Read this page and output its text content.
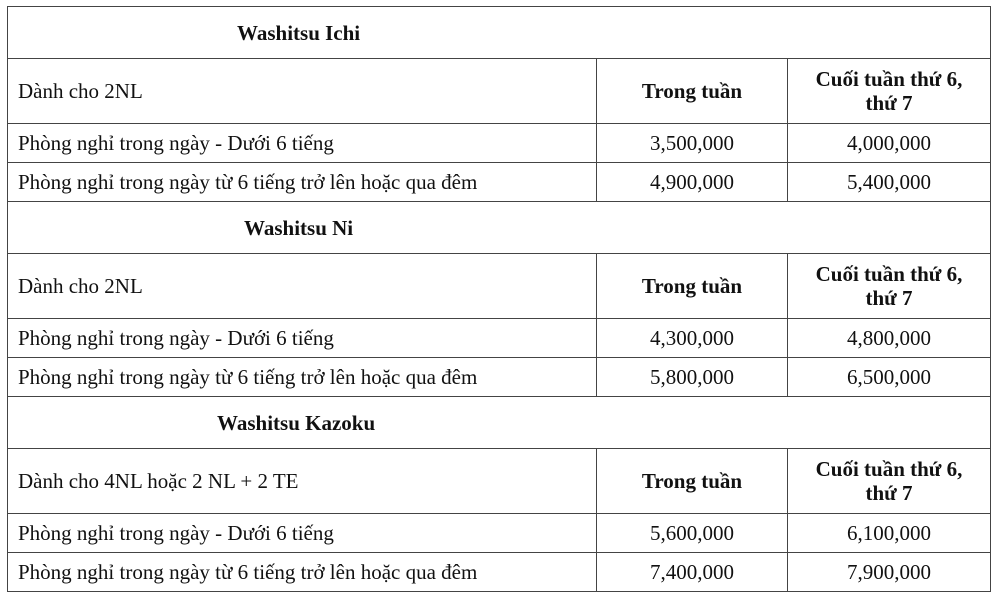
Washitsu Ichi		
Dành cho 2NL	Trong tuần	Cuối tuần thứ 6,
thứ 7
Phòng nghỉ trong ngày - Dưới 6 tiếng	3,500,000	4,000,000
Phòng nghỉ trong ngày từ 6 tiếng trở lên hoặc qua đêm	4,900,000	5,400,000
Washitsu Ni		
Dành cho 2NL	Trong tuần	Cuối tuần thứ 6,
thứ 7
Phòng nghỉ trong ngày - Dưới 6 tiếng	4,300,000	4,800,000
Phòng nghỉ trong ngày từ 6 tiếng trở lên hoặc qua đêm	5,800,000	6,500,000
Washitsu Kazoku		
Dành cho 4NL hoặc 2 NL + 2 TE	Trong tuần	Cuối tuần thứ 6,
thứ 7
Phòng nghỉ trong ngày - Dưới 6 tiếng	5,600,000	6,100,000
Phòng nghỉ trong ngày từ 6 tiếng trở lên hoặc qua đêm	7,400,000	7,900,000
